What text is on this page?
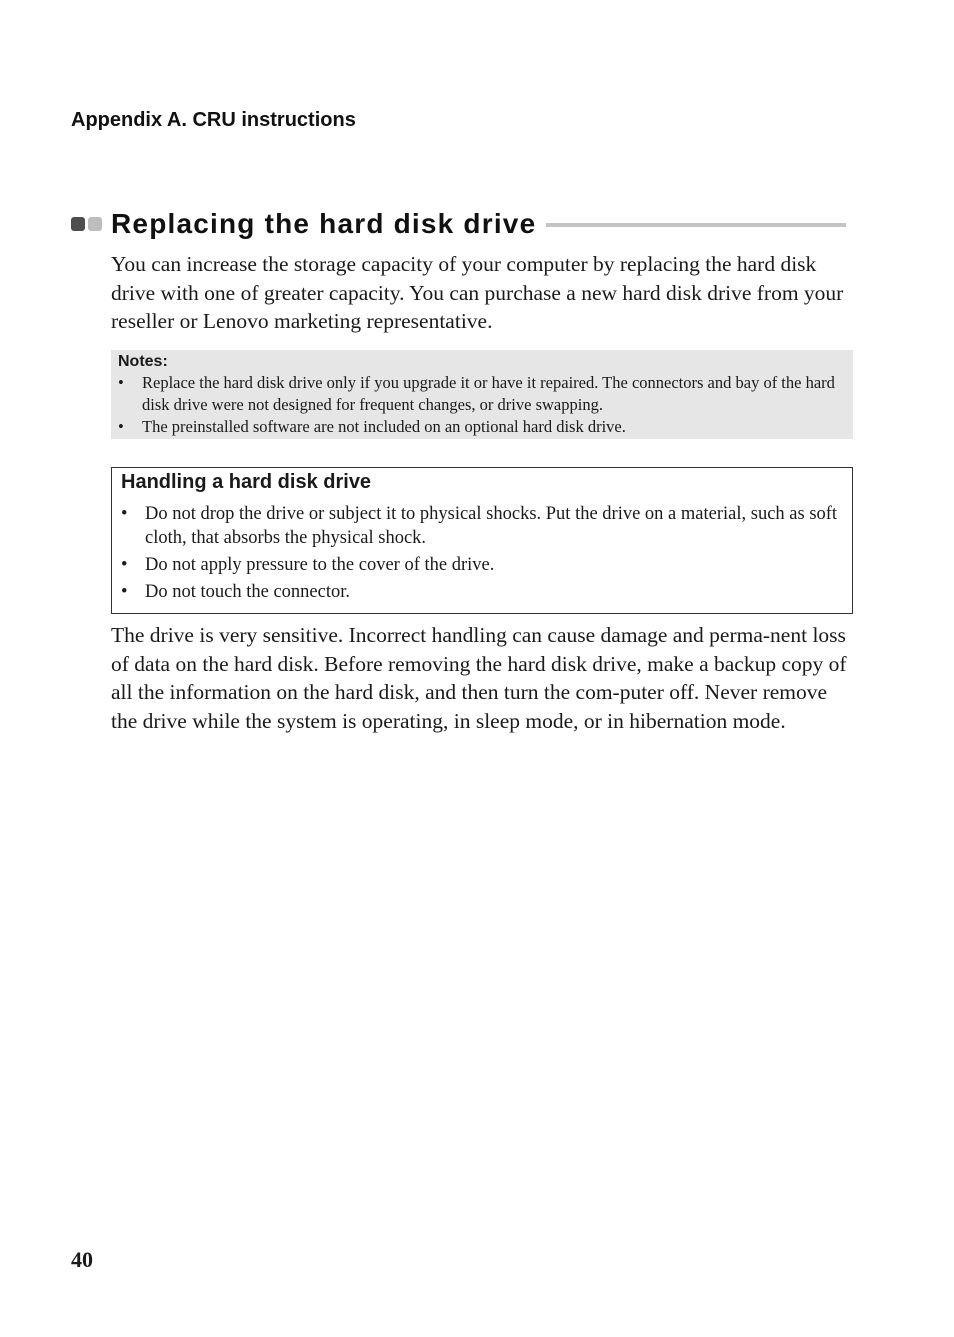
Appendix A. CRU instructions
Replacing the hard disk drive

You can increase the storage capacity of your computer by replacing the hard disk drive with one of greater capacity. You can purchase a new hard disk drive from your reseller or Lenovo marketing representative.

Notes:
• Replace the hard disk drive only if you upgrade it or have it repaired. The connectors and bay of the hard disk drive were not designed for frequent changes, or drive swapping.
• The preinstalled software are not included on an optional hard disk drive.
Handling a hard disk drive
• Do not drop the drive or subject it to physical shocks. Put the drive on a material, such as soft cloth, that absorbs the physical shock.
• Do not apply pressure to the cover of the drive.
• Do not touch the connector.

The drive is very sensitive. Incorrect handling can cause damage and perma-nent loss of data on the hard disk. Before removing the hard disk drive, make a backup copy of all the information on the hard disk, and then turn the com-puter off. Never remove the drive while the system is operating, in sleep mode, or in hibernation mode.

40
